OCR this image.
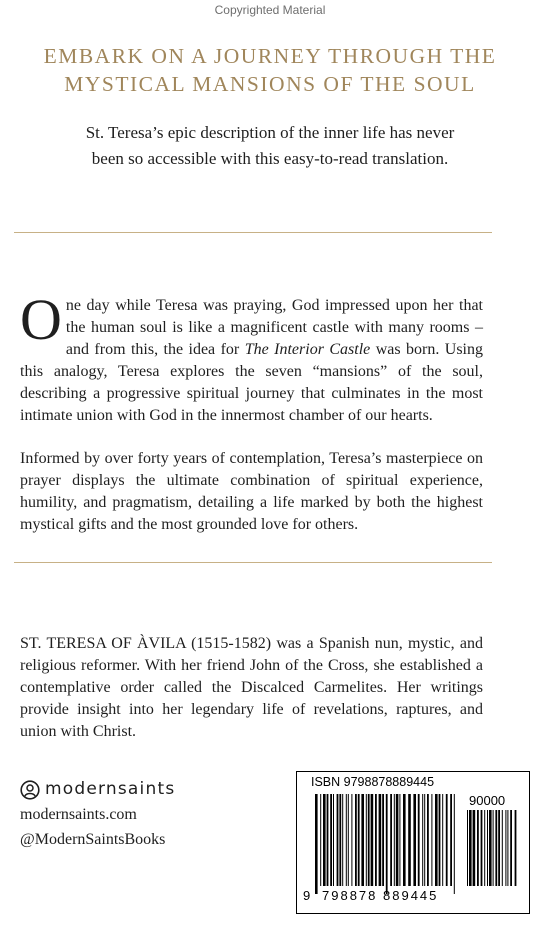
Copyrighted Material
EMBARK ON A JOURNEY THROUGH THE
MYSTICAL MANSIONS OF THE SOUL
St. Teresa’s epic description of the inner life has never
been so accessible with this easy-to-read translation.

One day while Teresa was praying, God impressed upon her that the human soul is like a magnificent castle with many rooms – and from this, the idea for The Interior Castle was born. Using this analogy, Teresa explores the seven “mansions” of the soul, describing a progressive spiritual journey that culminates in the most intimate union with God in the innermost chamber of our hearts.

Informed by over forty years of contemplation, Teresa’s masterpiece on prayer displays the ultimate combination of spiritual experience, humility, and pragmatism, detailing a life marked by both the highest mystical gifts and the most grounded love for others.

ST. TERESA OF ÀVILA (1515-1582) was a Spanish nun, mystic, and religious reformer. With her friend John of the Cross, she established a contemplative order called the Discalced Carmelites. Her writings provide insight into her legendary life of revelations, raptures, and union with Christ.
modernsaints
modernsaints.com
@ModernSaintsBooks
ISBN 9798878889445
90000
9 798878 889445
